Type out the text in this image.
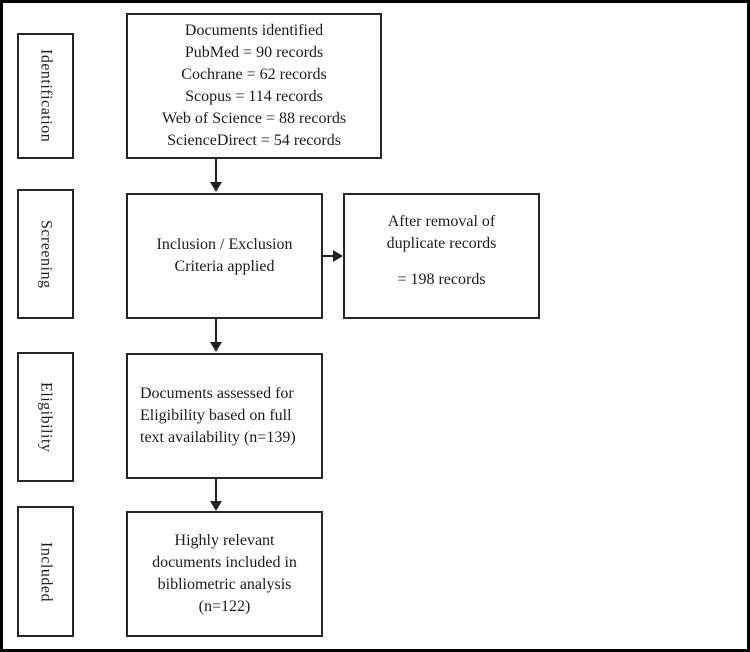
Identification
Screening
Eligibility
Included
Documents identified
PubMed = 90 records
Cochrane = 62 records
Scopus = 114 records
Web of Science = 88 records
ScienceDirect = 54 records
Inclusion / Exclusion
Criteria applied
After removal of
duplicate records
= 198 records
Documents assessed for
Eligibility based on full
text availability (n=139)
Highly relevant
documents included in
bibliometric analysis
(n=122)
